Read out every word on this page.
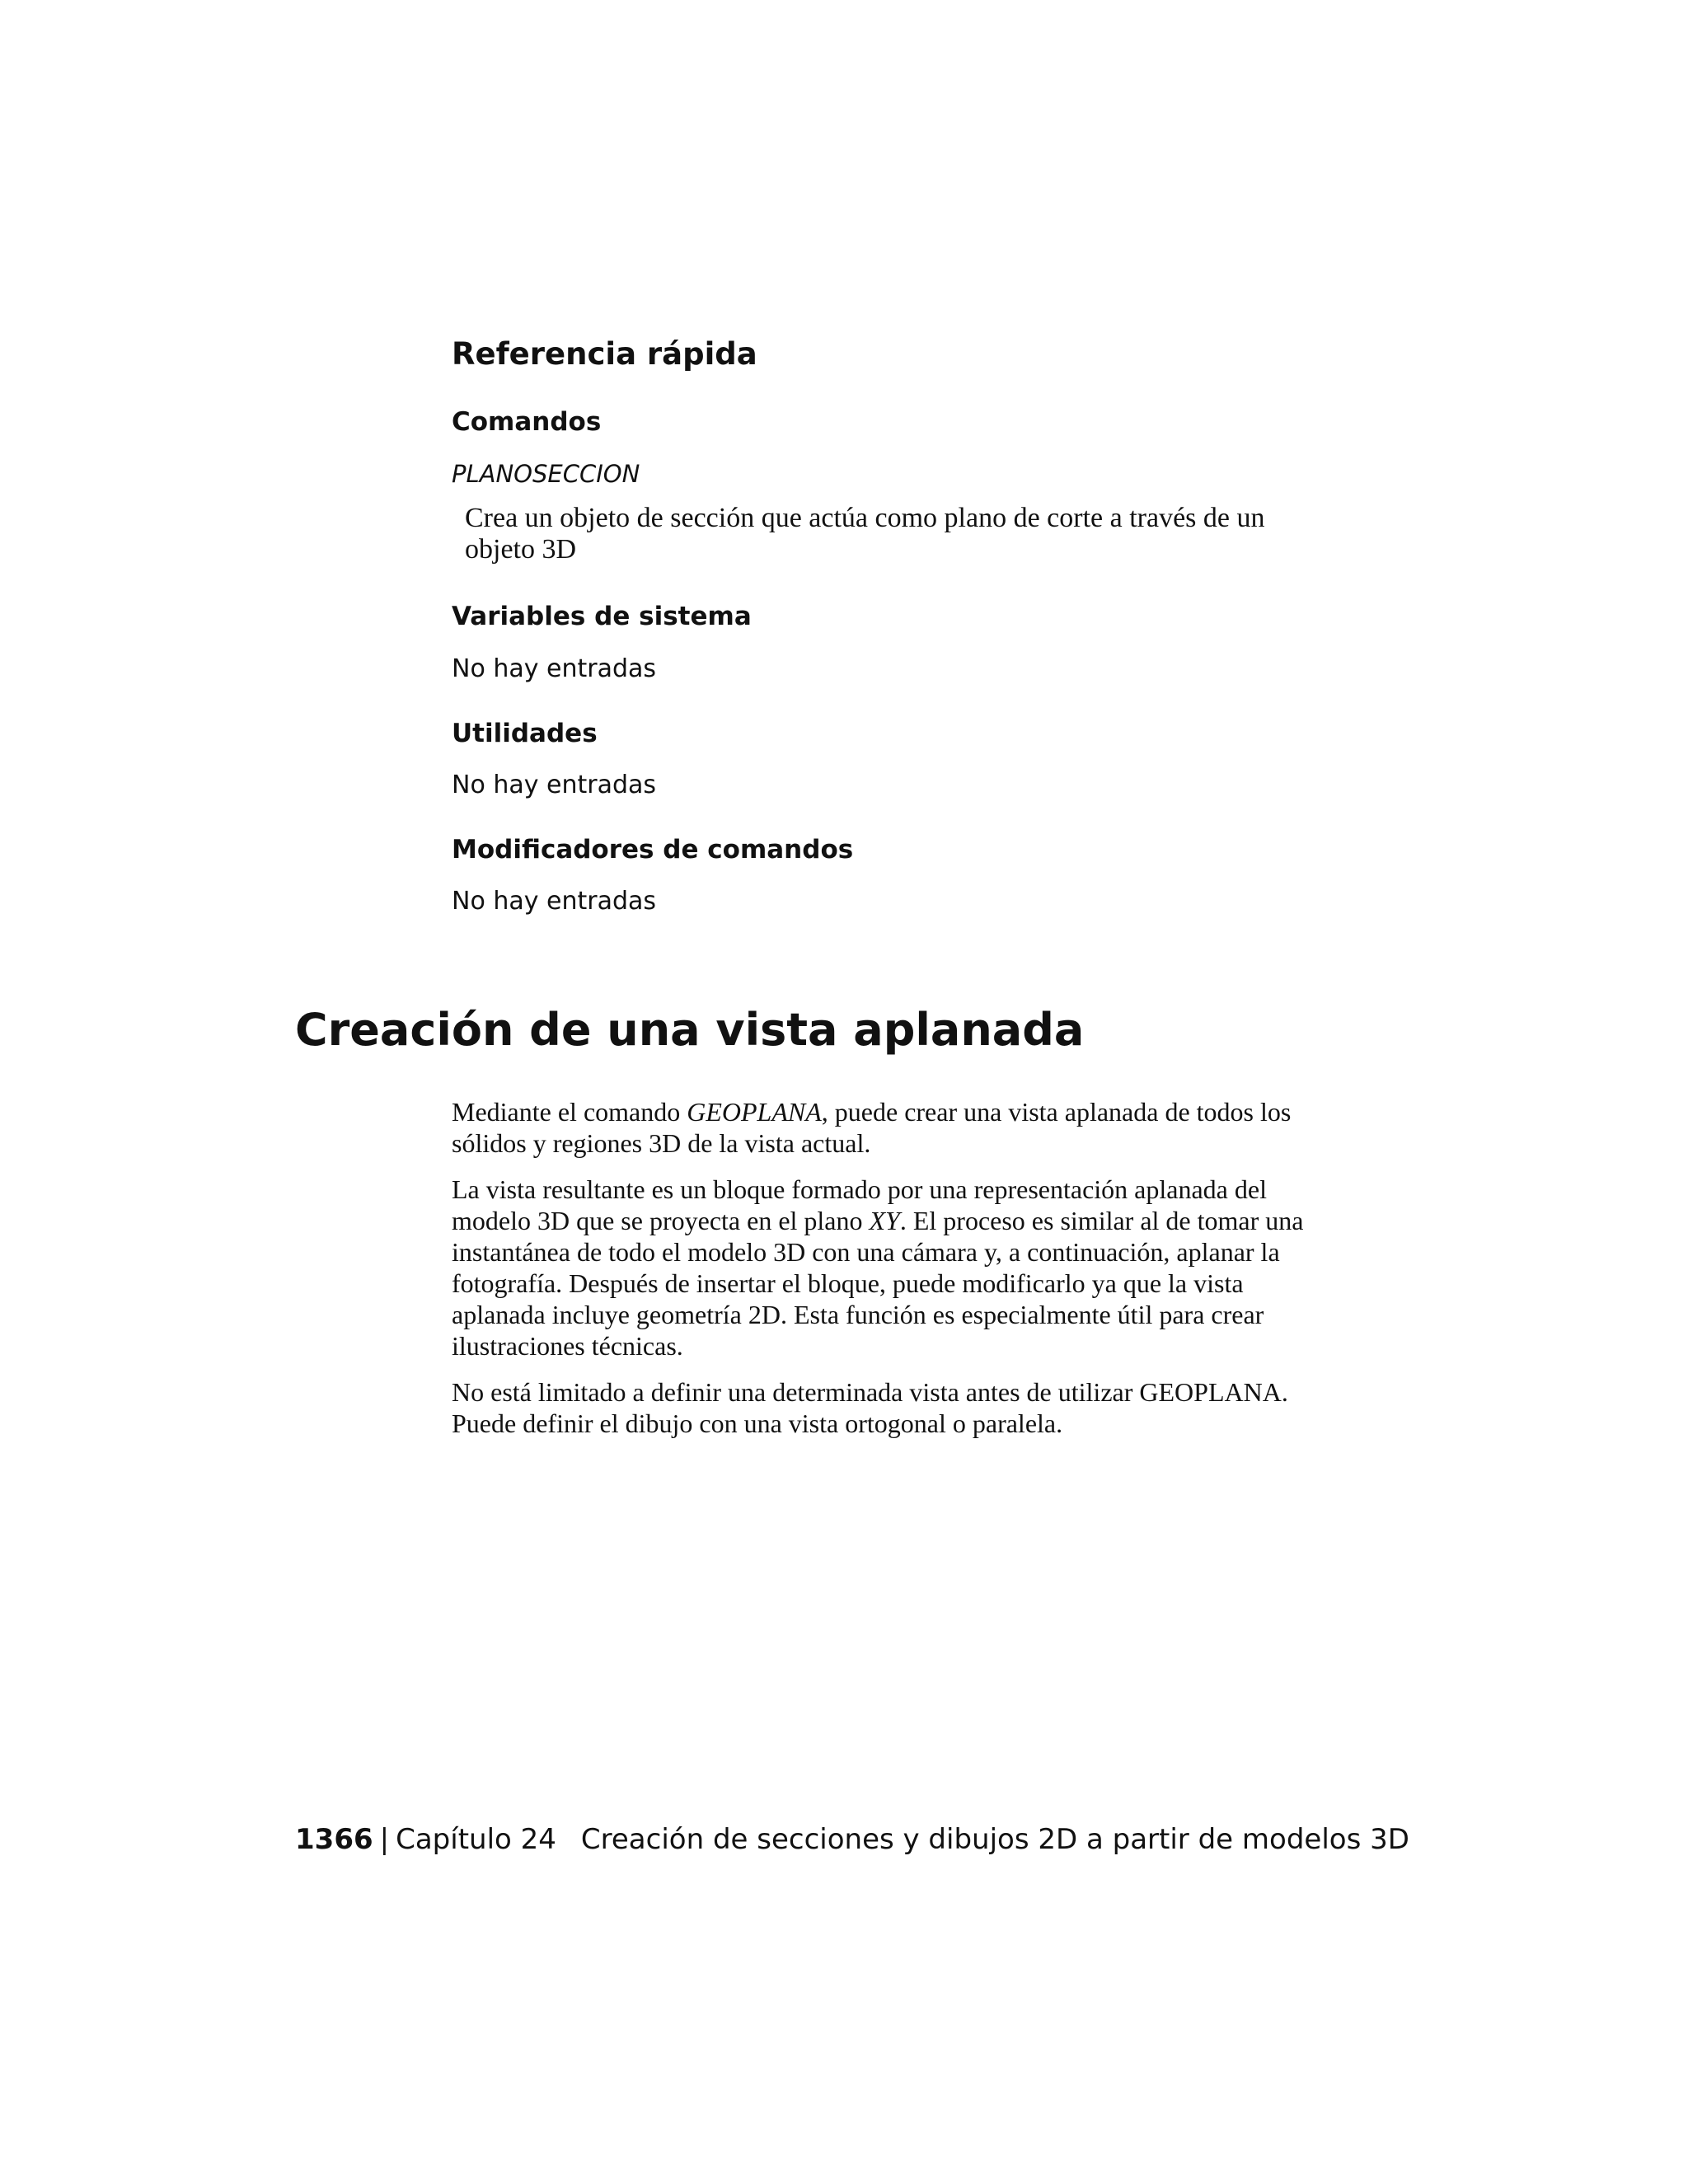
Referencia rápida
Comandos
PLANOSECCION
Crea un objeto de sección que actúa como plano de corte a través de un objeto 3D
Variables de sistema
No hay entradas
Utilidades
No hay entradas
Modificadores de comandos
No hay entradas
Creación de una vista aplanada

Mediante el comando GEOPLANA, puede crear una vista aplanada de todos los sólidos y regiones 3D de la vista actual.

La vista resultante es un bloque formado por una representación aplanada del modelo 3D que se proyecta en el plano XY. El proceso es similar al de tomar una instantánea de todo el modelo 3D con una cámara y, a continuación, aplanar la fotografía. Después de insertar el bloque, puede modificarlo ya que la vista aplanada incluye geometría 2D. Esta función es especialmente útil para crear ilustraciones técnicas.

No está limitado a definir una determinada vista antes de utilizar GEOPLANA. Puede definir el dibujo con una vista ortogonal o paralela.

1366 | Capítulo 24 Creación de secciones y dibujos 2D a partir de modelos 3D
